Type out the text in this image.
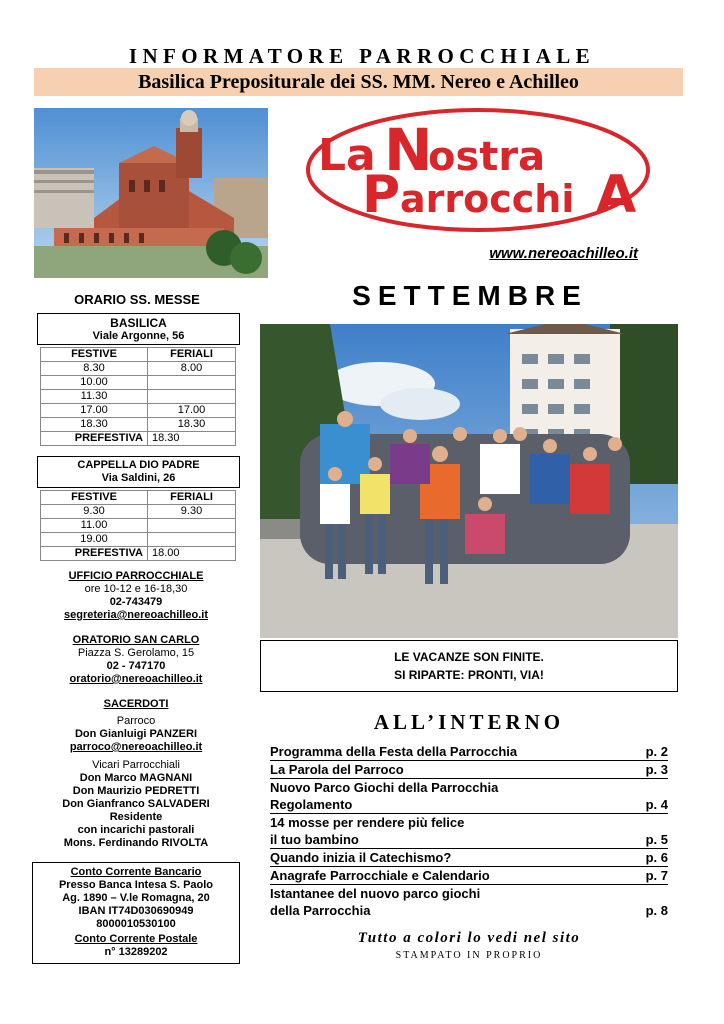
INFORMATORE PARROCCHIALE
Basilica Prepositurale dei SS. MM. Nereo e Achilleo
La N
ostra
P arrocchi A
www.nereoachilleo.it
SETTEMBRE
ORARIO SS. MESSE
BASILICA
Viale Argonne, 56
FESTIVE	FERIALI
8.30	8.00
10.00	
11.30	
17.00	17.00
18.30	18.30
PREFESTIVA	18.30
CAPPELLA DIO PADRE
Via Saldini, 26
FESTIVE	FERIALI
9.30	9.30
11.00	
19.00	
PREFESTIVA	18.00
UFFICIO PARROCCHIALE
ore 10-12 e 16-18,30
02-743479
segreteria@nereoachilleo.it
ORATORIO SAN CARLO
Piazza S. Gerolamo, 15
02 - 747170
oratorio@nereoachilleo.it
SACERDOTI
Parroco
Don Gianluigi PANZERI
parroco@nereoachilleo.it
Vicari Parrocchiali
Don Marco MAGNANI
Don Maurizio PEDRETTI
Don Gianfranco SALVADERI
Residente
con incarichi pastorali
Mons. Ferdinando RIVOLTA
Conto Corrente Bancario
Presso Banca Intesa S. Paolo
Ag. 1890 – V.le Romagna, 20
IBAN IT74D030690949
8000010530100
Conto Corrente Postale
n° 13289202
LE VACANZE SON FINITE.
SI RIPARTE: PRONTI, VIA!
ALL’INTERNO
Programma della Festa della Parrocchia	p. 2
La Parola del Parroco	p. 3
Nuovo Parco Giochi della Parrocchia
Regolamento	p. 4
14 mosse per rendere più felice
il tuo bambino	p. 5
Quando inizia il Catechismo?	p. 6
Anagrafe Parrocchiale e Calendario	p. 7
Istantanee del nuovo parco giochi
della Parrocchia	p. 8
Tutto a colori lo vedi nel sito
STAMPATO IN PROPRIO
